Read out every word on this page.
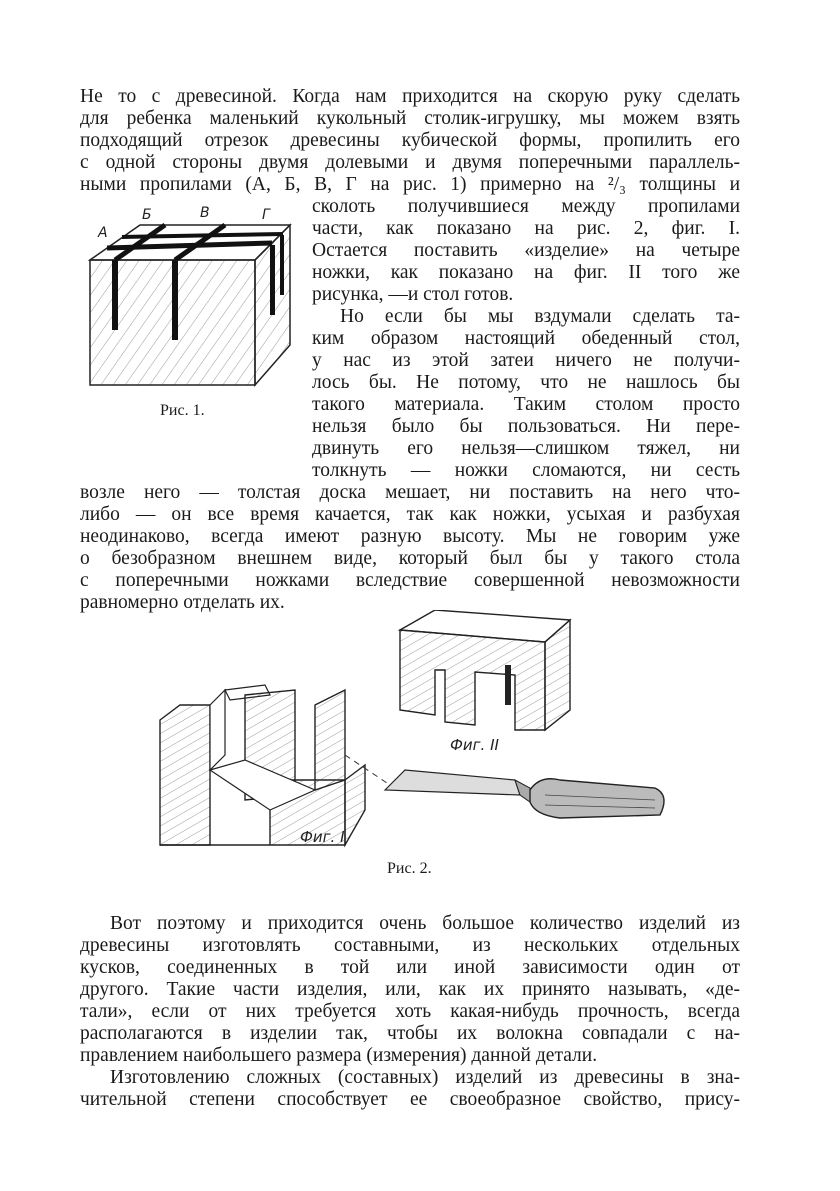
Не то с древесиной. Когда нам приходится на скорую руку сделать
для ребенка маленький кукольный столик-игрушку, мы можем взять
подходящий отрезок древесины кубической формы, пропилить его
с одной стороны двумя долевыми и двумя поперечными параллель-
ными пропилами (А, Б, В, Г на рис. 1) примерно на ²/₃ толщины и
сколоть получившиеся между пропилами
части, как показано на рис. 2, фиг. I.
Остается поставить «изделие» на четыре
ножки, как показано на фиг. II того же
рисунка, —и стол готов.
Но если бы мы вздумали сделать та-
ким образом настоящий обеденный стол,
у нас из этой затеи ничего не получи-
лось бы. Не потому, что не нашлось бы
такого материала. Таким столом просто
нельзя было бы пользоваться. Ни пере-
двинуть его нельзя—слишком тяжел, ни
толкнуть — ножки сломаются, ни сесть
возле него — толстая доска мешает, ни поставить на него что-
либо — он все время качается, так как ножки, усыхая и разбухая
неодинаково, всегда имеют разную высоту. Мы не говорим уже
о безобразном внешнем виде, который был бы у такого стола
с поперечными ножками вследствие совершенной невозможности
равномерно отделать их.
А
Б	В	Г
Рис. 1.
Фиг. I
Фиг. II
Рис. 2.
Вот поэтому и приходится очень большое количество изделий из
древесины изготовлять составными, из нескольких отдельных
кусков, соединенных в той или иной зависимости один от
другого. Такие части изделия, или, как их принято называть, «де-
тали», если от них требуется хоть какая-нибудь прочность, всегда
располагаются в изделии так, чтобы их волокна совпадали с на-
правлением наибольшего размера (измерения) данной детали.
Изготовлению сложных (составных) изделий из древесины в зна-
чительной степени способствует ее своеобразное свойство, прису-
